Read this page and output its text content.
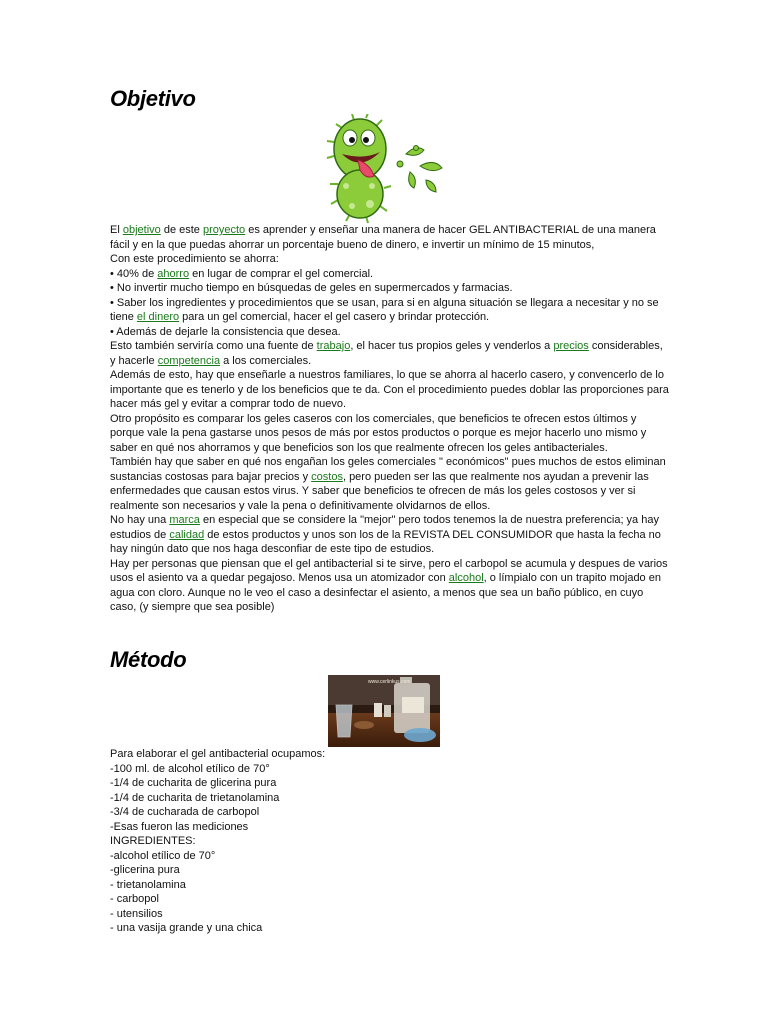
Objetivo

El objetivo de este proyecto es aprender y enseñar una manera de hacer GEL ANTIBACTERIAL de una manera fácil y en la que puedas ahorrar un porcentaje bueno de dinero, e invertir un mínimo de 15 minutos,

Con este procedimiento se ahorra:

• 40% de ahorro en lugar de comprar el gel comercial.

• No invertir mucho tiempo en búsquedas de geles en supermercados y farmacias.

• Saber los ingredientes y procedimientos que se usan, para si en alguna situación se llegara a necesitar y no se tiene el dinero para un gel comercial, hacer el gel casero y brindar protección.

• Además de dejarle la consistencia que desea.

Esto también serviría como una fuente de trabajo, el hacer tus propios geles y venderlos a precios considerables, y hacerle competencia a los comerciales.

Además de esto, hay que enseñarle a nuestros familiares, lo que se ahorra al hacerlo casero, y convencerlo de lo importante que es tenerlo y de los beneficios que te da. Con el procedimiento puedes doblar las proporciones para hacer más gel y evitar a comprar todo de nuevo.

Otro propósito es comparar los geles caseros con los comerciales, que beneficios te ofrecen estos últimos y porque vale la pena gastarse unos pesos de más por estos productos o porque es mejor hacerlo uno mismo y saber en qué nos ahorramos y que beneficios son los que realmente ofrecen los geles antibacteriales.

También hay que saber en qué nos engañan los geles comerciales " económicos" pues muchos de estos eliminan sustancias costosas para bajar precios y costos, pero pueden ser las que realmente nos ayudan a prevenir las enfermedades que causan estos virus. Y saber que beneficios te ofrecen de más los geles costosos y ver si realmente son necesarios y vale la pena o definitivamente olvidarnos de ellos.

No hay una marca en especial que se considere la "mejor" pero todos tenemos la de nuestra preferencia; ya hay estudios de calidad de estos productos y unos son los de la REVISTA DEL CONSUMIDOR que hasta la fecha no hay ningún dato que nos haga desconfiar de este tipo de estudios.

Hay per personas que piensan que el gel antibacterial si te sirve, pero el carbopol se acumula y despues de varios usos el asiento va a quedar pegajoso. Menos usa un atomizador con alcohol, o límpialo con un trapito mojado en agua con cloro. Aunque no le veo el caso a desinfectar el asiento, a menos que sea un baño público, en cuyo caso, (y siempre que sea posible)

Método
www.cerlinkus.com
Para elaborar el gel antibacterial ocupamos:
-100 ml. de alcohol etílico de 70°
-1/4 de cucharita de glicerina pura
-1/4 de cucharita de trietanolamina
-3/4 de cucharada de carbopol
-Esas fueron las mediciones
INGREDIENTES:
-alcohol etílico de 70°
-glicerina pura
- trietanolamina
- carbopol
- utensilios
- una vasija grande y una chica
